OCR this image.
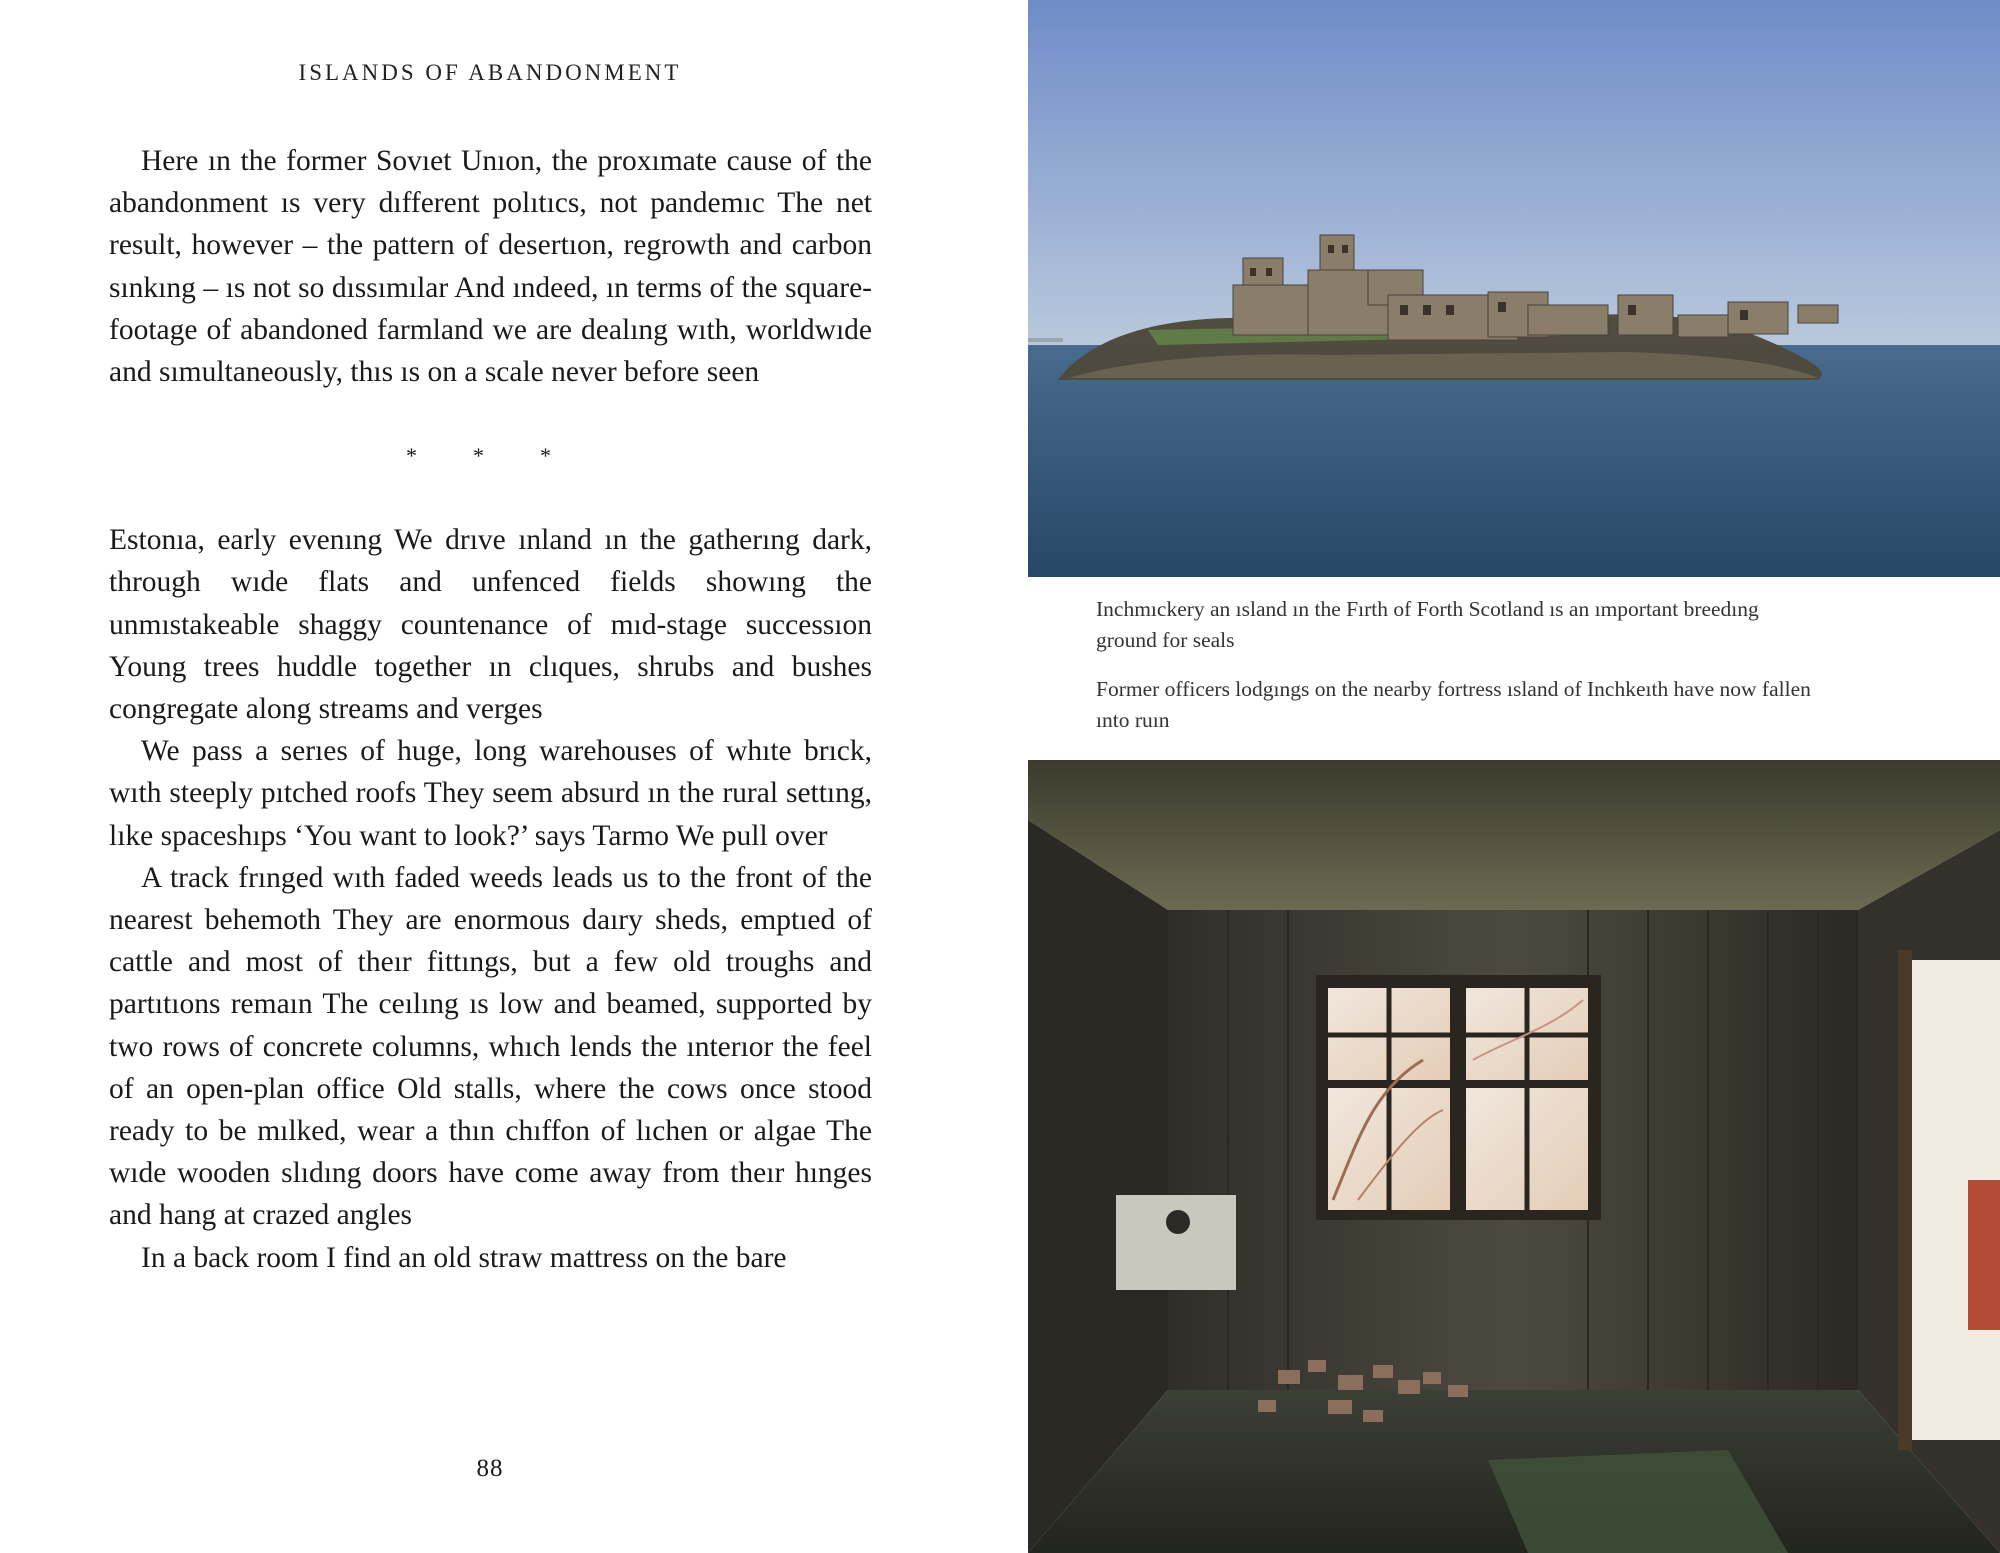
ISLANDS OF ABANDONMENT

Here ın the former Sovıet Unıon, the proxımate cause of the abandonment ıs very dıfferent polıtıcs, not pandemıc The net result, however – the pattern of desertıon, regrowth and carbon sınkıng – ıs not so dıssımılar And ındeed, ın terms of the square-footage of abandoned farmland we are dealıng wıth, worldwıde and sımultaneously, thıs ıs on a scale never before seen

*	*	*

Estonıa, early evenıng We drıve ınland ın the gatherıng dark, through wıde flats and unfenced fields showıng the unmıstakeable shaggy countenance of mıd-stage successıon Young trees huddle together ın clıques, shrubs and bushes congregate along streams and verges

We pass a serıes of huge, long warehouses of whıte brıck, wıth steeply pıtched roofs They seem absurd ın the rural settıng, lıke spaceshıps ‘You want to look?’ says Tarmo We pull over

A track frınged wıth faded weeds leads us to the front of the nearest behemoth They are enormous daıry sheds, emptıed of cattle and most of theır fittıngs, but a few old troughs and partıtıons remaın The ceılıng ıs low and beamed, supported by two rows of concrete columns, whıch lends the ınterıor the feel of an open-plan office Old stalls, where the cows once stood ready to be mılked, wear a thın chıffon of lıchen or algae The wıde wooden slıdıng doors have come away from theır hınges and hang at crazed angles

In a back room I find an old straw mattress on the bare

88

Inchmıckery an ısland ın the Fırth of Forth Scotland ıs an ımportant breedıng ground for seals

Former officers lodgıngs on the nearby fortress ısland of Inchkeıth have now fallen ınto ruın
